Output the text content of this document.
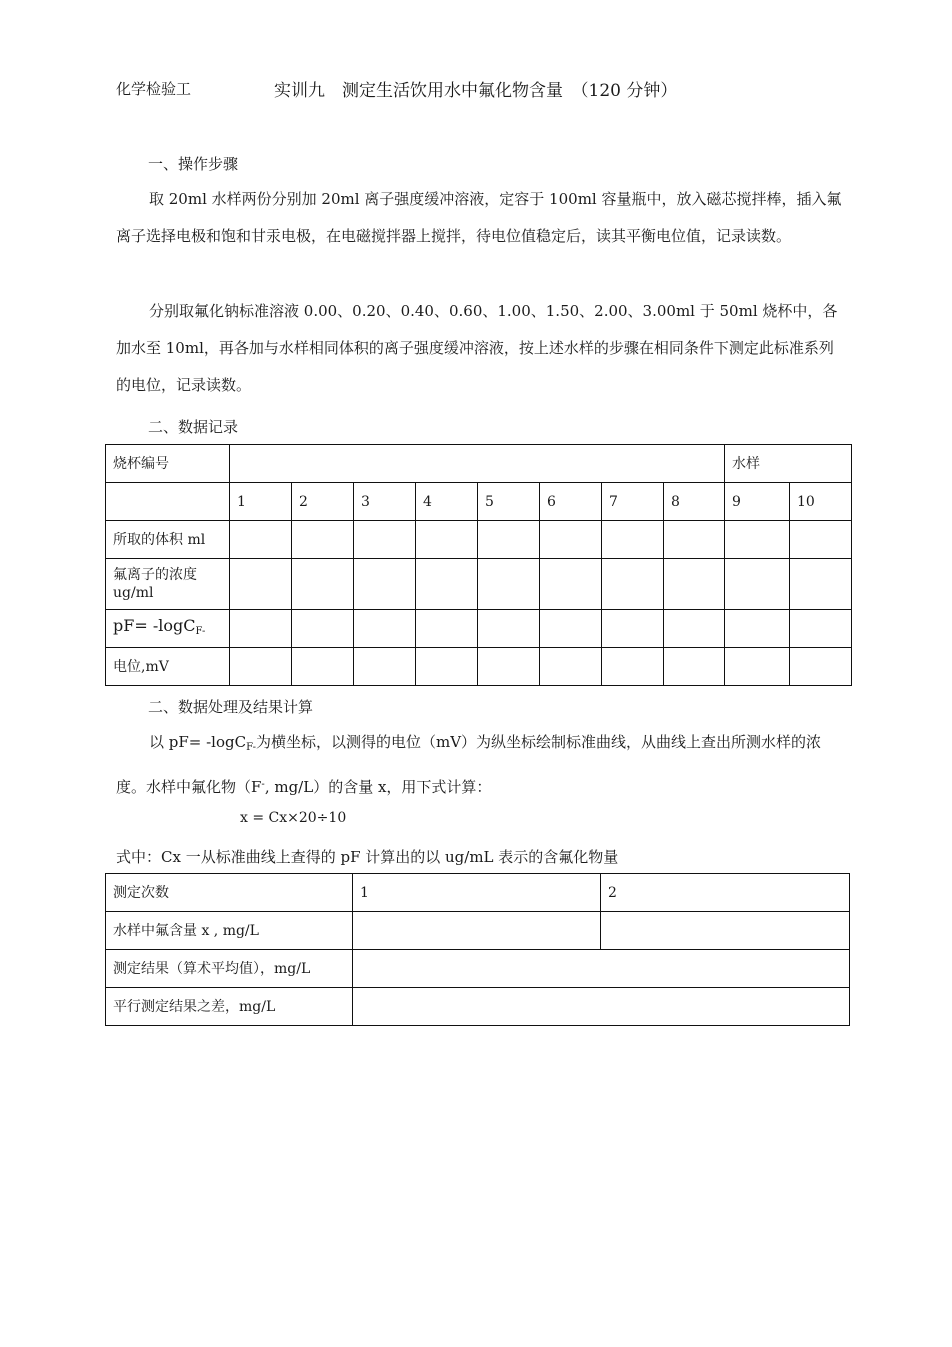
化学检验工	实训九　测定生活饮用水中氟化物含量　（120 分钟）
一、操作步骤
取 20ml 水样两份分别加 20ml 离子强度缓冲溶液，定容于 100ml 容量瓶中，放入磁芯搅拌棒，插入氟离子选择电极和饱和甘汞电极，在电磁搅拌器上搅拌，待电位值稳定后，读其平衡电位值，记录读数。
分别取氟化钠标准溶液 0.00、0.20、0.40、0.60、1.00、1.50、2.00、3.00ml 于 50ml 烧杯中，各加水至 10ml，再各加与水样相同体积的离子强度缓冲溶液，按上述水样的步骤在相同条件下测定此标准系列的电位，记录读数。
二、数据记录
烧杯编号									水样	
	1	2	3	4	5	6	7	8	9	10
所取的体积 ml										

氟离子的浓度
ug/ml										

pF= -logC$_{F-}$										
电位,mV										
二、数据处理及结果计算
以 pF= -logC$_{F-}$为横坐标，以测得的电位（mV）为纵坐标绘制标准曲线，从曲线上查出所测水样的浓度。水样中氟化物（F-, mg/L）的含量 x，用下式计算：
x = Cx×20÷10
式中：Cx 一从标准曲线上查得的 pF 计算出的以 ug/mL 表示的含氟化物量
测定次数	1	2
水样中氟含量 x , mg/L		
测定结果（算术平均值），mg/L		
平行测定结果之差，mg/L		
